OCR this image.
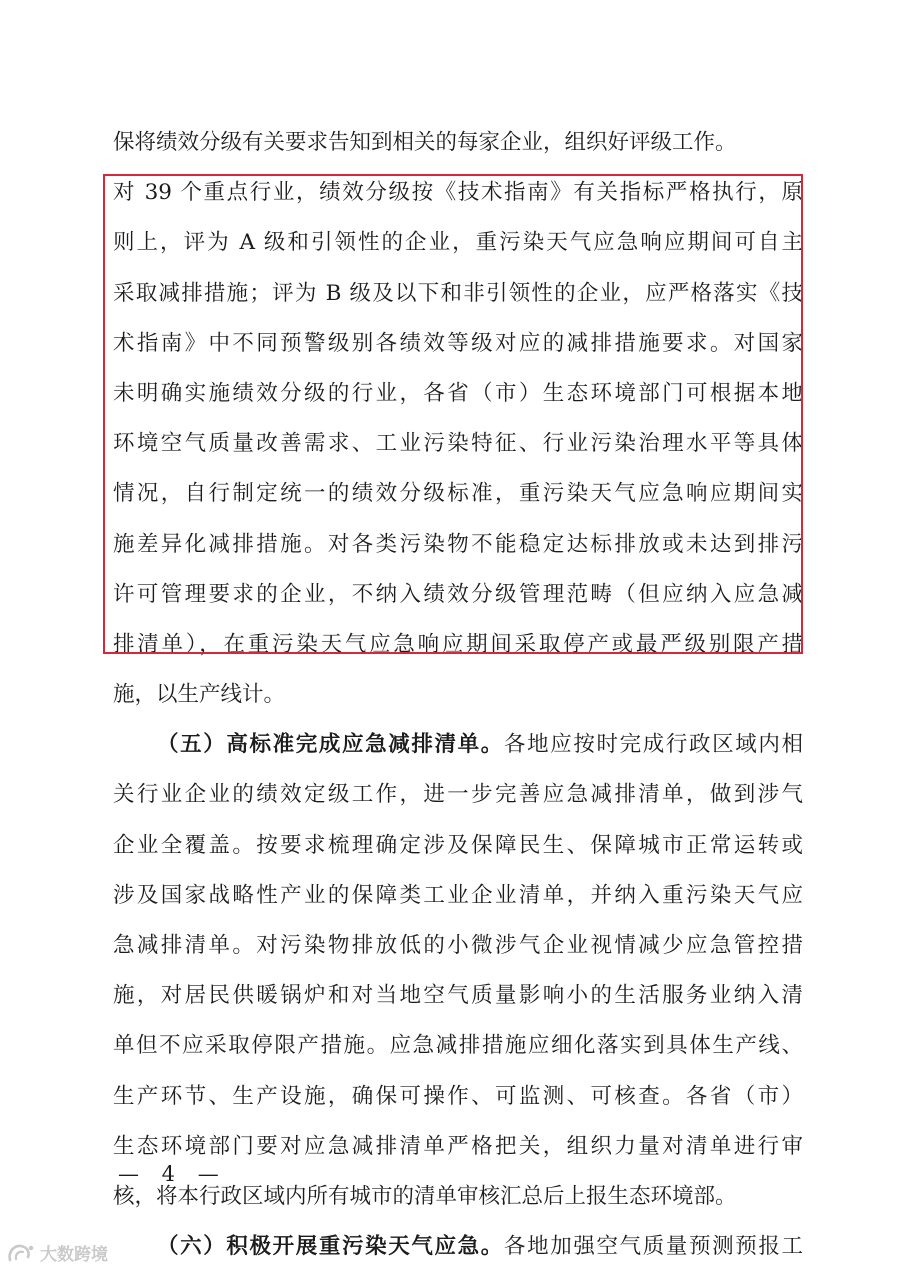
保将绩效分级有关要求告知到相关的每家企业，组织好评级工作。
对 39 个重点行业，绩效分级按《技术指南》有关指标严格执行，原
则上，评为 A 级和引领性的企业，重污染天气应急响应期间可自主
采取减排措施；评为 B 级及以下和非引领性的企业，应严格落实《技
术指南》中不同预警级别各绩效等级对应的减排措施要求。对国家
未明确实施绩效分级的行业，各省（市）生态环境部门可根据本地
环境空气质量改善需求、工业污染特征、行业污染治理水平等具体
情况，自行制定统一的绩效分级标准，重污染天气应急响应期间实
施差异化减排措施。对各类污染物不能稳定达标排放或未达到排污
许可管理要求的企业，不纳入绩效分级管理范畴（但应纳入应急减
排清单），在重污染天气应急响应期间采取停产或最严级别限产措
施，以生产线计。
（五）高标准完成应急减排清单。各地应按时完成行政区域内相
关行业企业的绩效定级工作，进一步完善应急减排清单，做到涉气
企业全覆盖。按要求梳理确定涉及保障民生、保障城市正常运转或
涉及国家战略性产业的保障类工业企业清单，并纳入重污染天气应
急减排清单。对污染物排放低的小微涉气企业视情减少应急管控措
施，对居民供暖锅炉和对当地空气质量影响小的生活服务业纳入清
单但不应采取停限产措施。应急减排措施应细化落实到具体生产线、
生产环节、生产设施，确保可操作、可监测、可核查。各省（市）
生态环境部门要对应急减排清单严格把关，组织力量对清单进行审
核，将本行政区域内所有城市的清单审核汇总后上报生态环境部。
（六）积极开展重污染天气应急。各地加强空气质量预测预报工
— 4 —
大数跨境
